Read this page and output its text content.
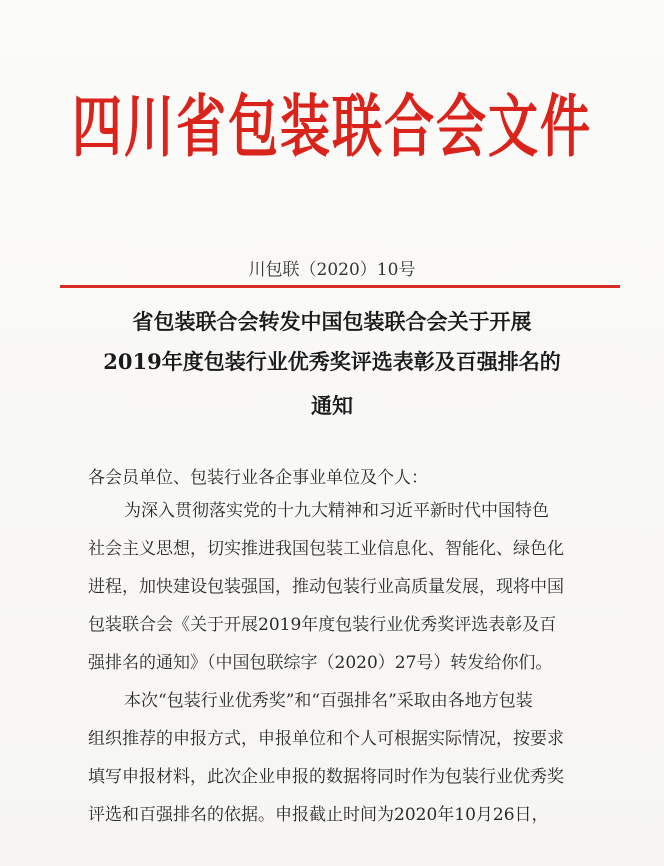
四川省包装联合会文件
川包联（2020）10号
省包装联合会转发中国包装联合会关于开展
2019年度包装行业优秀奖评选表彰及百强排名的
通知
各会员单位、包装行业各企事业单位及个人：
为深入贯彻落实党的十九大精神和习近平新时代中国特色
社会主义思想，切实推进我国包装工业信息化、智能化、绿色化
进程，加快建设包装强国，推动包装行业高质量发展，现将中国
包装联合会《关于开展2019年度包装行业优秀奖评选表彰及百
强排名的通知》（中国包联综字（2020）27号）转发给你们。
本次“包装行业优秀奖”和“百强排名”采取由各地方包装
组织推荐的申报方式，申报单位和个人可根据实际情况，按要求
填写申报材料，此次企业申报的数据将同时作为包装行业优秀奖
评选和百强排名的依据。申报截止时间为2020年10月26日，
